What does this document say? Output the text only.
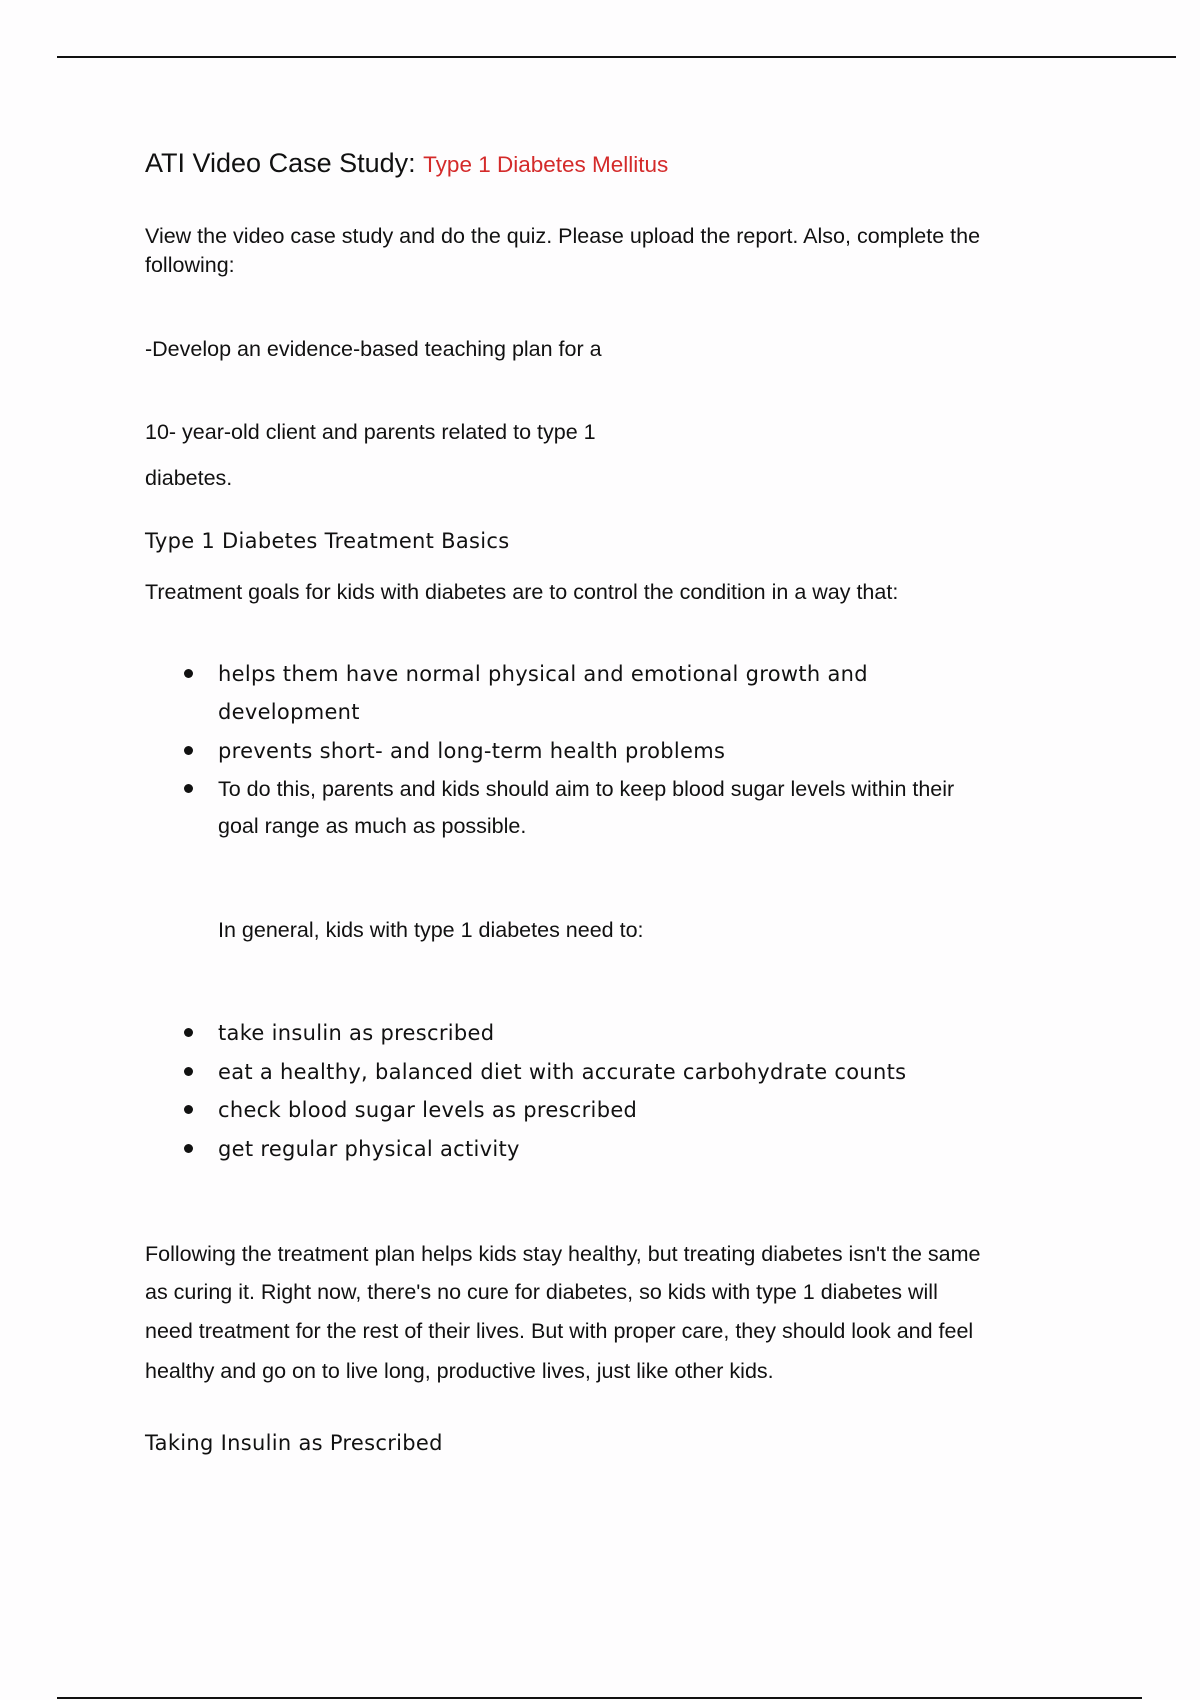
ATI Video Case Study: Type 1 Diabetes Mellitus
View the video case study and do the quiz. Please upload the report. Also, complete the
following:
-Develop an evidence-based teaching plan for a
10- year-old client and parents related to type 1
diabetes.
Type 1 Diabetes Treatment Basics
Treatment goals for kids with diabetes are to control the condition in a way that:
helps them have normal physical and emotional growth and
development
prevents short- and long-term health problems
To do this, parents and kids should aim to keep blood sugar levels within their
goal range as much as possible.
In general, kids with type 1 diabetes need to:
take insulin as prescribed
eat a healthy, balanced diet with accurate carbohydrate counts
check blood sugar levels as prescribed
get regular physical activity
Following the treatment plan helps kids stay healthy, but treating diabetes isn't the same
as curing it. Right now, there's no cure for diabetes, so kids with type 1 diabetes will
need treatment for the rest of their lives. But with proper care, they should look and feel
healthy and go on to live long, productive lives, just like other kids.
Taking Insulin as Prescribed
